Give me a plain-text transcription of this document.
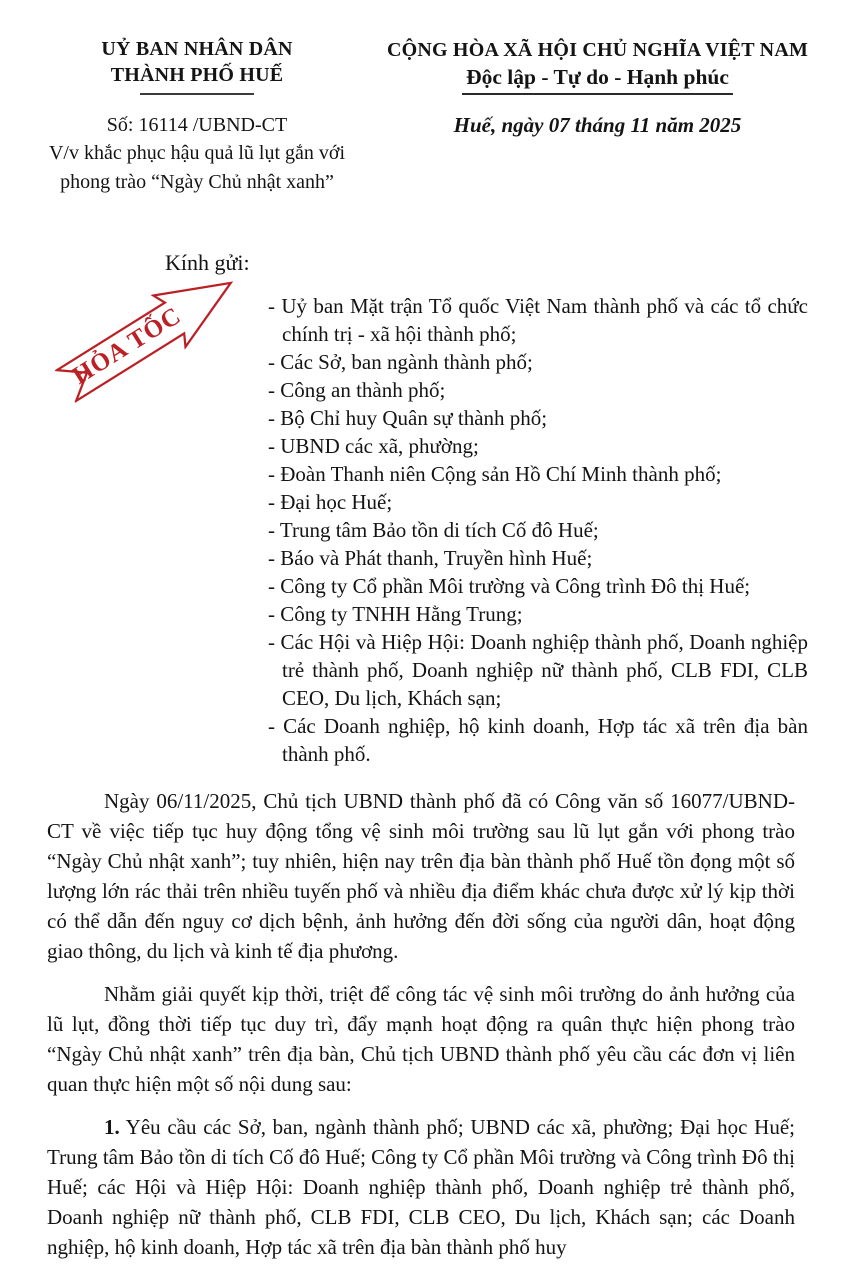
UỶ BAN NHÂN DÂN
THÀNH PHỐ HUẾ
Số: 16114 /UBND-CT
V/v khắc phục hậu quả lũ lụt gắn với
phong trào “Ngày Chủ nhật xanh”
CỘNG HÒA XÃ HỘI CHỦ NGHĨA VIỆT NAM
Độc lập - Tự do - Hạnh phúc
Huế, ngày 07 tháng 11 năm 2025
Kính gửi:
HỎA TỐC	- Uỷ ban Mặt trận Tổ quốc Việt Nam thành phố và các tổ chức chính trị - xã hội thành phố;
- Các Sở, ban ngành thành phố;
- Công an thành phố;
- Bộ Chỉ huy Quân sự thành phố;
- UBND các xã, phường;
- Đoàn Thanh niên Cộng sản Hồ Chí Minh thành phố;
- Đại học Huế;
- Trung tâm Bảo tồn di tích Cố đô Huế;
- Báo và Phát thanh, Truyền hình Huế;
- Công ty Cổ phần Môi trường và Công trình Đô thị Huế;
- Công ty TNHH Hằng Trung;
- Các Hội và Hiệp Hội: Doanh nghiệp thành phố, Doanh nghiệp trẻ thành phố, Doanh nghiệp nữ thành phố, CLB FDI, CLB CEO, Du lịch, Khách sạn;
- Các Doanh nghiệp, hộ kinh doanh, Hợp tác xã trên địa bàn thành phố.

Ngày 06/11/2025, Chủ tịch UBND thành phố đã có Công văn số 16077/UBND-CT về việc tiếp tục huy động tổng vệ sinh môi trường sau lũ lụt gắn với phong trào “Ngày Chủ nhật xanh”; tuy nhiên, hiện nay trên địa bàn thành phố Huế tồn đọng một số lượng lớn rác thải trên nhiều tuyến phố và nhiều địa điểm khác chưa được xử lý kịp thời có thể dẫn đến nguy cơ dịch bệnh, ảnh hưởng đến đời sống của người dân, hoạt động giao thông, du lịch và kinh tế địa phương.

Nhằm giải quyết kịp thời, triệt để công tác vệ sinh môi trường do ảnh hưởng của lũ lụt, đồng thời tiếp tục duy trì, đẩy mạnh hoạt động ra quân thực hiện phong trào “Ngày Chủ nhật xanh” trên địa bàn, Chủ tịch UBND thành phố yêu cầu các đơn vị liên quan thực hiện một số nội dung sau:

1. Yêu cầu các Sở, ban, ngành thành phố; UBND các xã, phường; Đại học Huế; Trung tâm Bảo tồn di tích Cố đô Huế; Công ty Cổ phần Môi trường và Công trình Đô thị Huế; các Hội và Hiệp Hội: Doanh nghiệp thành phố, Doanh nghiệp trẻ thành phố, Doanh nghiệp nữ thành phố, CLB FDI, CLB CEO, Du lịch, Khách sạn; các Doanh nghiệp, hộ kinh doanh, Hợp tác xã trên địa bàn thành phố huy
